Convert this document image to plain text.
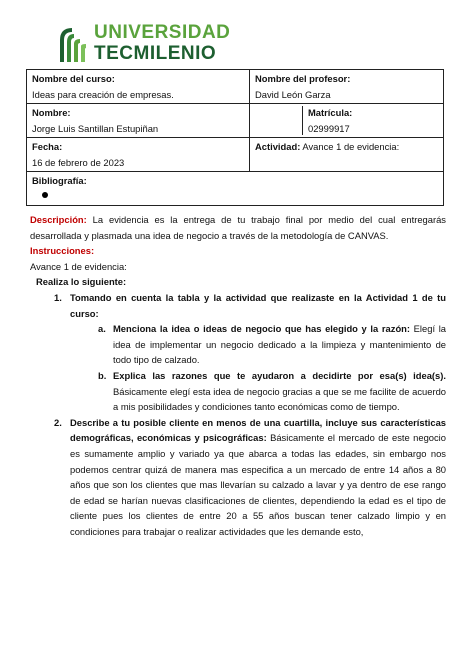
UNIVERSIDAD
TECMILENIO
Nombre del curso:
Ideas para creación de empresas.	Nombre del profesor:
David León Garza

Nombre:
Jorge Luis Santillan Estupiñan	Matrícula:
02999917

Fecha:
16 de febrero de 2023	Actividad: Avance 1 de evidencia:

Bibliografía:	

Descripción: La evidencia es la entrega de tu trabajo final por medio del cual entregarás desarrollada y plasmada una idea de negocio a través de la metodología de CANVAS.

Instrucciones:

Avance 1 de evidencia:

Realiza lo siguiente:

1. Tomando en cuenta la tabla y la actividad que realizaste en la Actividad 1 de tu curso:

a. Menciona la idea o ideas de negocio que has elegido y la razón: Elegí la idea de implementar un negocio dedicado a la limpieza y mantenimiento de todo tipo de calzado.

b. Explica las razones que te ayudaron a decidirte por esa(s) idea(s). Básicamente elegí esta idea de negocio gracias a que se me facilite de acuerdo a mis posibilidades y condiciones tanto económicas como de tiempo.

2. Describe a tu posible cliente en menos de una cuartilla, incluye sus características demográficas, económicas y psicográficas: Básicamente el mercado de este negocio es sumamente amplio y variado ya que abarca a todas las edades, sin embargo nos podemos centrar quizá de manera mas especifica a un mercado de entre 14 años a 80 años que son los clientes que mas llevarían su calzado a lavar y ya dentro de ese rango de edad se harían nuevas clasificaciones de clientes, dependiendo la edad es el tipo de cliente pues los clientes de entre 20 a 55 años buscan tener calzado limpio y en condiciones para trabajar o realizar actividades que les demande esto,
